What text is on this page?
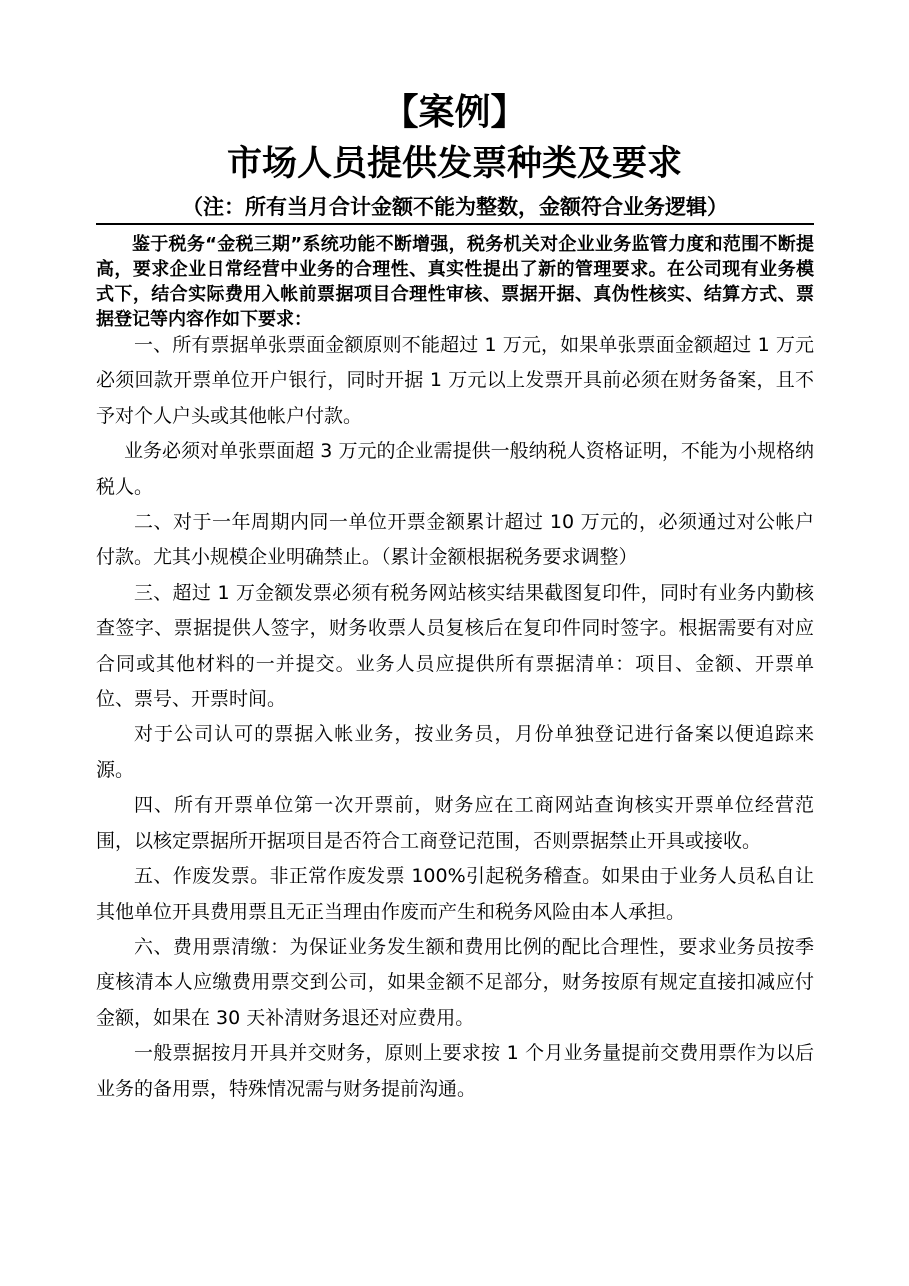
【案例】
市场人员提供发票种类及要求
（注：所有当月合计金额不能为整数，金额符合业务逻辑）

鉴于税务“金税三期”系统功能不断增强，税务机关对企业业务监管力度和范围不断提高，要求企业日常经营中业务的合理性、真实性提出了新的管理要求。在公司现有业务模式下，结合实际费用入帐前票据项目合理性审核、票据开据、真伪性核实、结算方式、票据登记等内容作如下要求：

一、所有票据单张票面金额原则不能超过 1 万元，如果单张票面金额超过 1 万元必须回款开票单位开户银行，同时开据 1 万元以上发票开具前必须在财务备案，且不予对个人户头或其他帐户付款。

业务必须对单张票面超 3 万元的企业需提供一般纳税人资格证明，不能为小规格纳税人。

二、对于一年周期内同一单位开票金额累计超过 10 万元的，必须通过对公帐户付款。尤其小规模企业明确禁止。（累计金额根据税务要求调整）

三、超过 1 万金额发票必须有税务网站核实结果截图复印件，同时有业务内勤核查签字、票据提供人签字，财务收票人员复核后在复印件同时签字。根据需要有对应合同或其他材料的一并提交。业务人员应提供所有票据清单：项目、金额、开票单位、票号、开票时间。

对于公司认可的票据入帐业务，按业务员，月份单独登记进行备案以便追踪来源。

四、所有开票单位第一次开票前，财务应在工商网站查询核实开票单位经营范围，以核定票据所开据项目是否符合工商登记范围，否则票据禁止开具或接收。

五、作废发票。非正常作废发票 100%引起税务稽查。如果由于业务人员私自让其他单位开具费用票且无正当理由作废而产生和税务风险由本人承担。

六、费用票清缴：为保证业务发生额和费用比例的配比合理性，要求业务员按季度核清本人应缴费用票交到公司，如果金额不足部分，财务按原有规定直接扣减应付金额，如果在 30 天补清财务退还对应费用。

一般票据按月开具并交财务，原则上要求按 1 个月业务量提前交费用票作为以后业务的备用票，特殊情况需与财务提前沟通。
